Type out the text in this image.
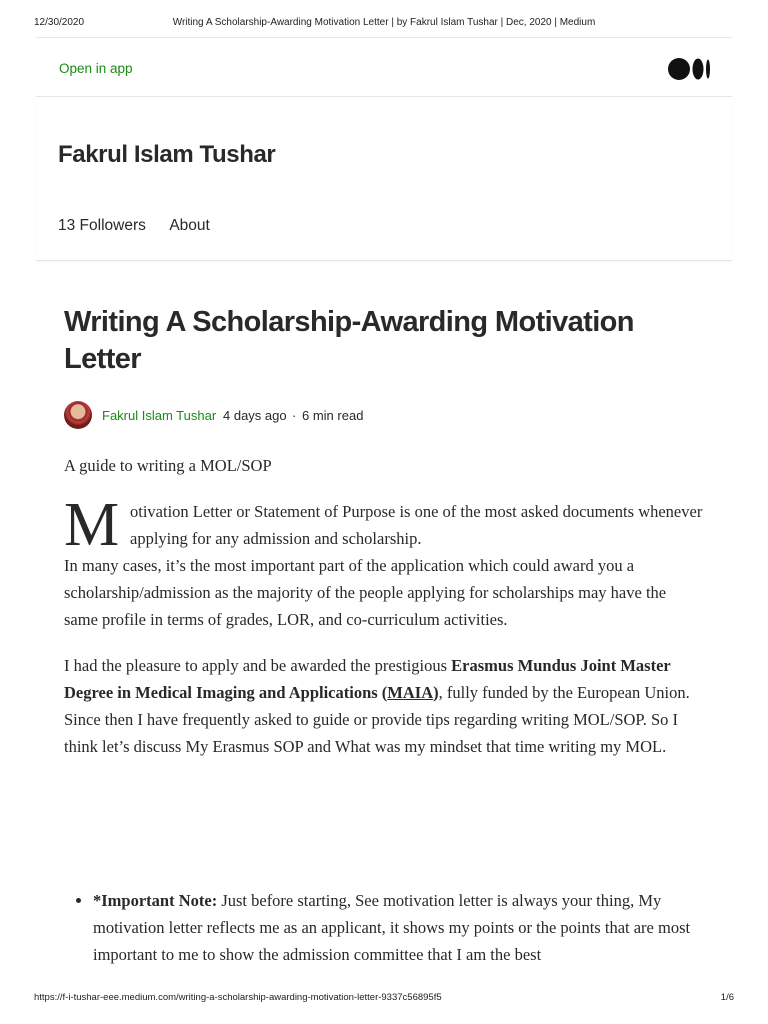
12/30/2020	Writing A Scholarship-Awarding Motivation Letter | by Fakrul Islam Tushar | Dec, 2020 | Medium
Open in app
Fakrul Islam Tushar
13 Followers About
Writing A Scholarship-Awarding Motivation Letter
Fakrul Islam Tushar 4 days ago · 6 min read
A guide to writing a MOL/SOP
M otivation Letter or Statement of Purpose is one of the most asked documents whenever applying for any admission and scholarship.
In many cases, it’s the most important part of the application which could award you a scholarship/admission as the majority of the people applying for scholarships may have the same profile in terms of grades, LOR, and co-curriculum activities.
I had the pleasure to apply and be awarded the prestigious Erasmus Mundus Joint Master Degree in Medical Imaging and Applications (MAIA), fully funded by the European Union. Since then I have frequently asked to guide or provide tips regarding writing MOL/SOP. So I think let’s discuss My Erasmus SOP and What was my mindset that time writing my MOL.
*Important Note: Just before starting, See motivation letter is always your thing, My motivation letter reflects me as an applicant, it shows my points or the points that are most important to me to show the admission committee that I am the best
https://f-i-tushar-eee.medium.com/writing-a-scholarship-awarding-motivation-letter-9337c56895f5	1/6
